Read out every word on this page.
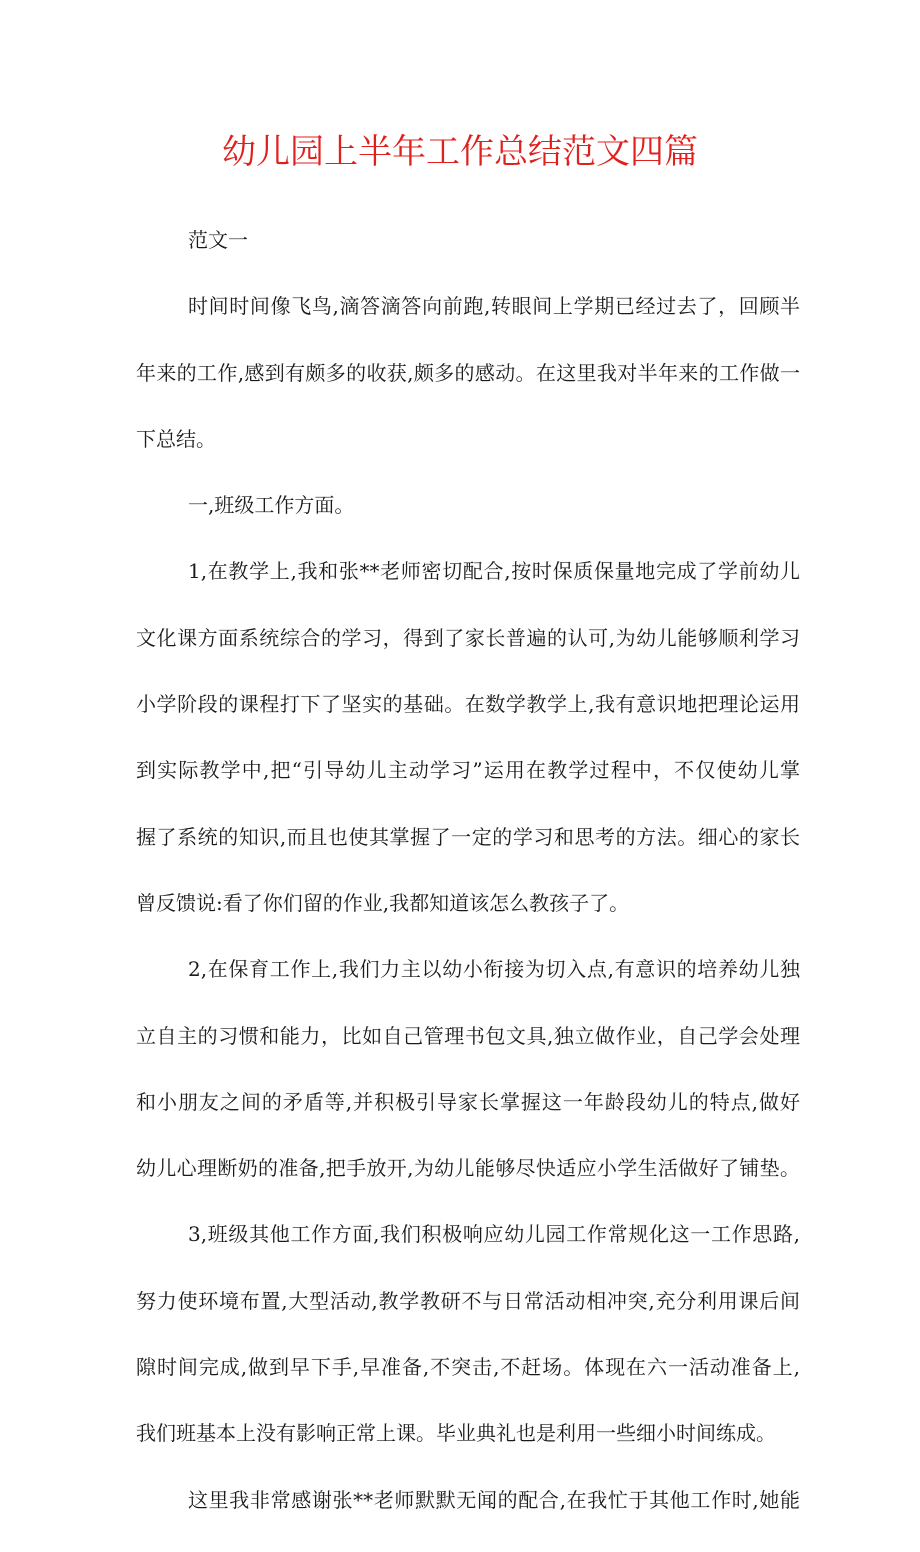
幼儿园上半年工作总结范文四篇
范文一
时间时间像飞鸟,滴答滴答向前跑,转眼间上学期已经过去了，回顾半
年来的工作,感到有颇多的收获,颇多的感动。在这里我对半年来的工作做一
下总结。
一,班级工作方面。
1,在教学上,我和张**老师密切配合,按时保质保量地完成了学前幼儿
文化课方面系统综合的学习，得到了家长普遍的认可,为幼儿能够顺利学习
小学阶段的课程打下了坚实的基础。在数学教学上,我有意识地把理论运用
到实际教学中,把“引导幼儿主动学习”运用在教学过程中，不仅使幼儿掌
握了系统的知识,而且也使其掌握了一定的学习和思考的方法。细心的家长
曾反馈说:看了你们留的作业,我都知道该怎么教孩子了。
2,在保育工作上,我们力主以幼小衔接为切入点,有意识的培养幼儿独
立自主的习惯和能力，比如自己管理书包文具,独立做作业，自己学会处理
和小朋友之间的矛盾等,并积极引导家长掌握这一年龄段幼儿的特点,做好
幼儿心理断奶的准备,把手放开,为幼儿能够尽快适应小学生活做好了铺垫。
3,班级其他工作方面,我们积极响应幼儿园工作常规化这一工作思路,
努力使环境布置,大型活动,教学教研不与日常活动相冲突,充分利用课后间
隙时间完成,做到早下手,早准备,不突击,不赶场。体现在六一活动准备上,
我们班基本上没有影响正常上课。毕业典礼也是利用一些细小时间练成。
这里我非常感谢张**老师默默无闻的配合,在我忙于其他工作时,她能
